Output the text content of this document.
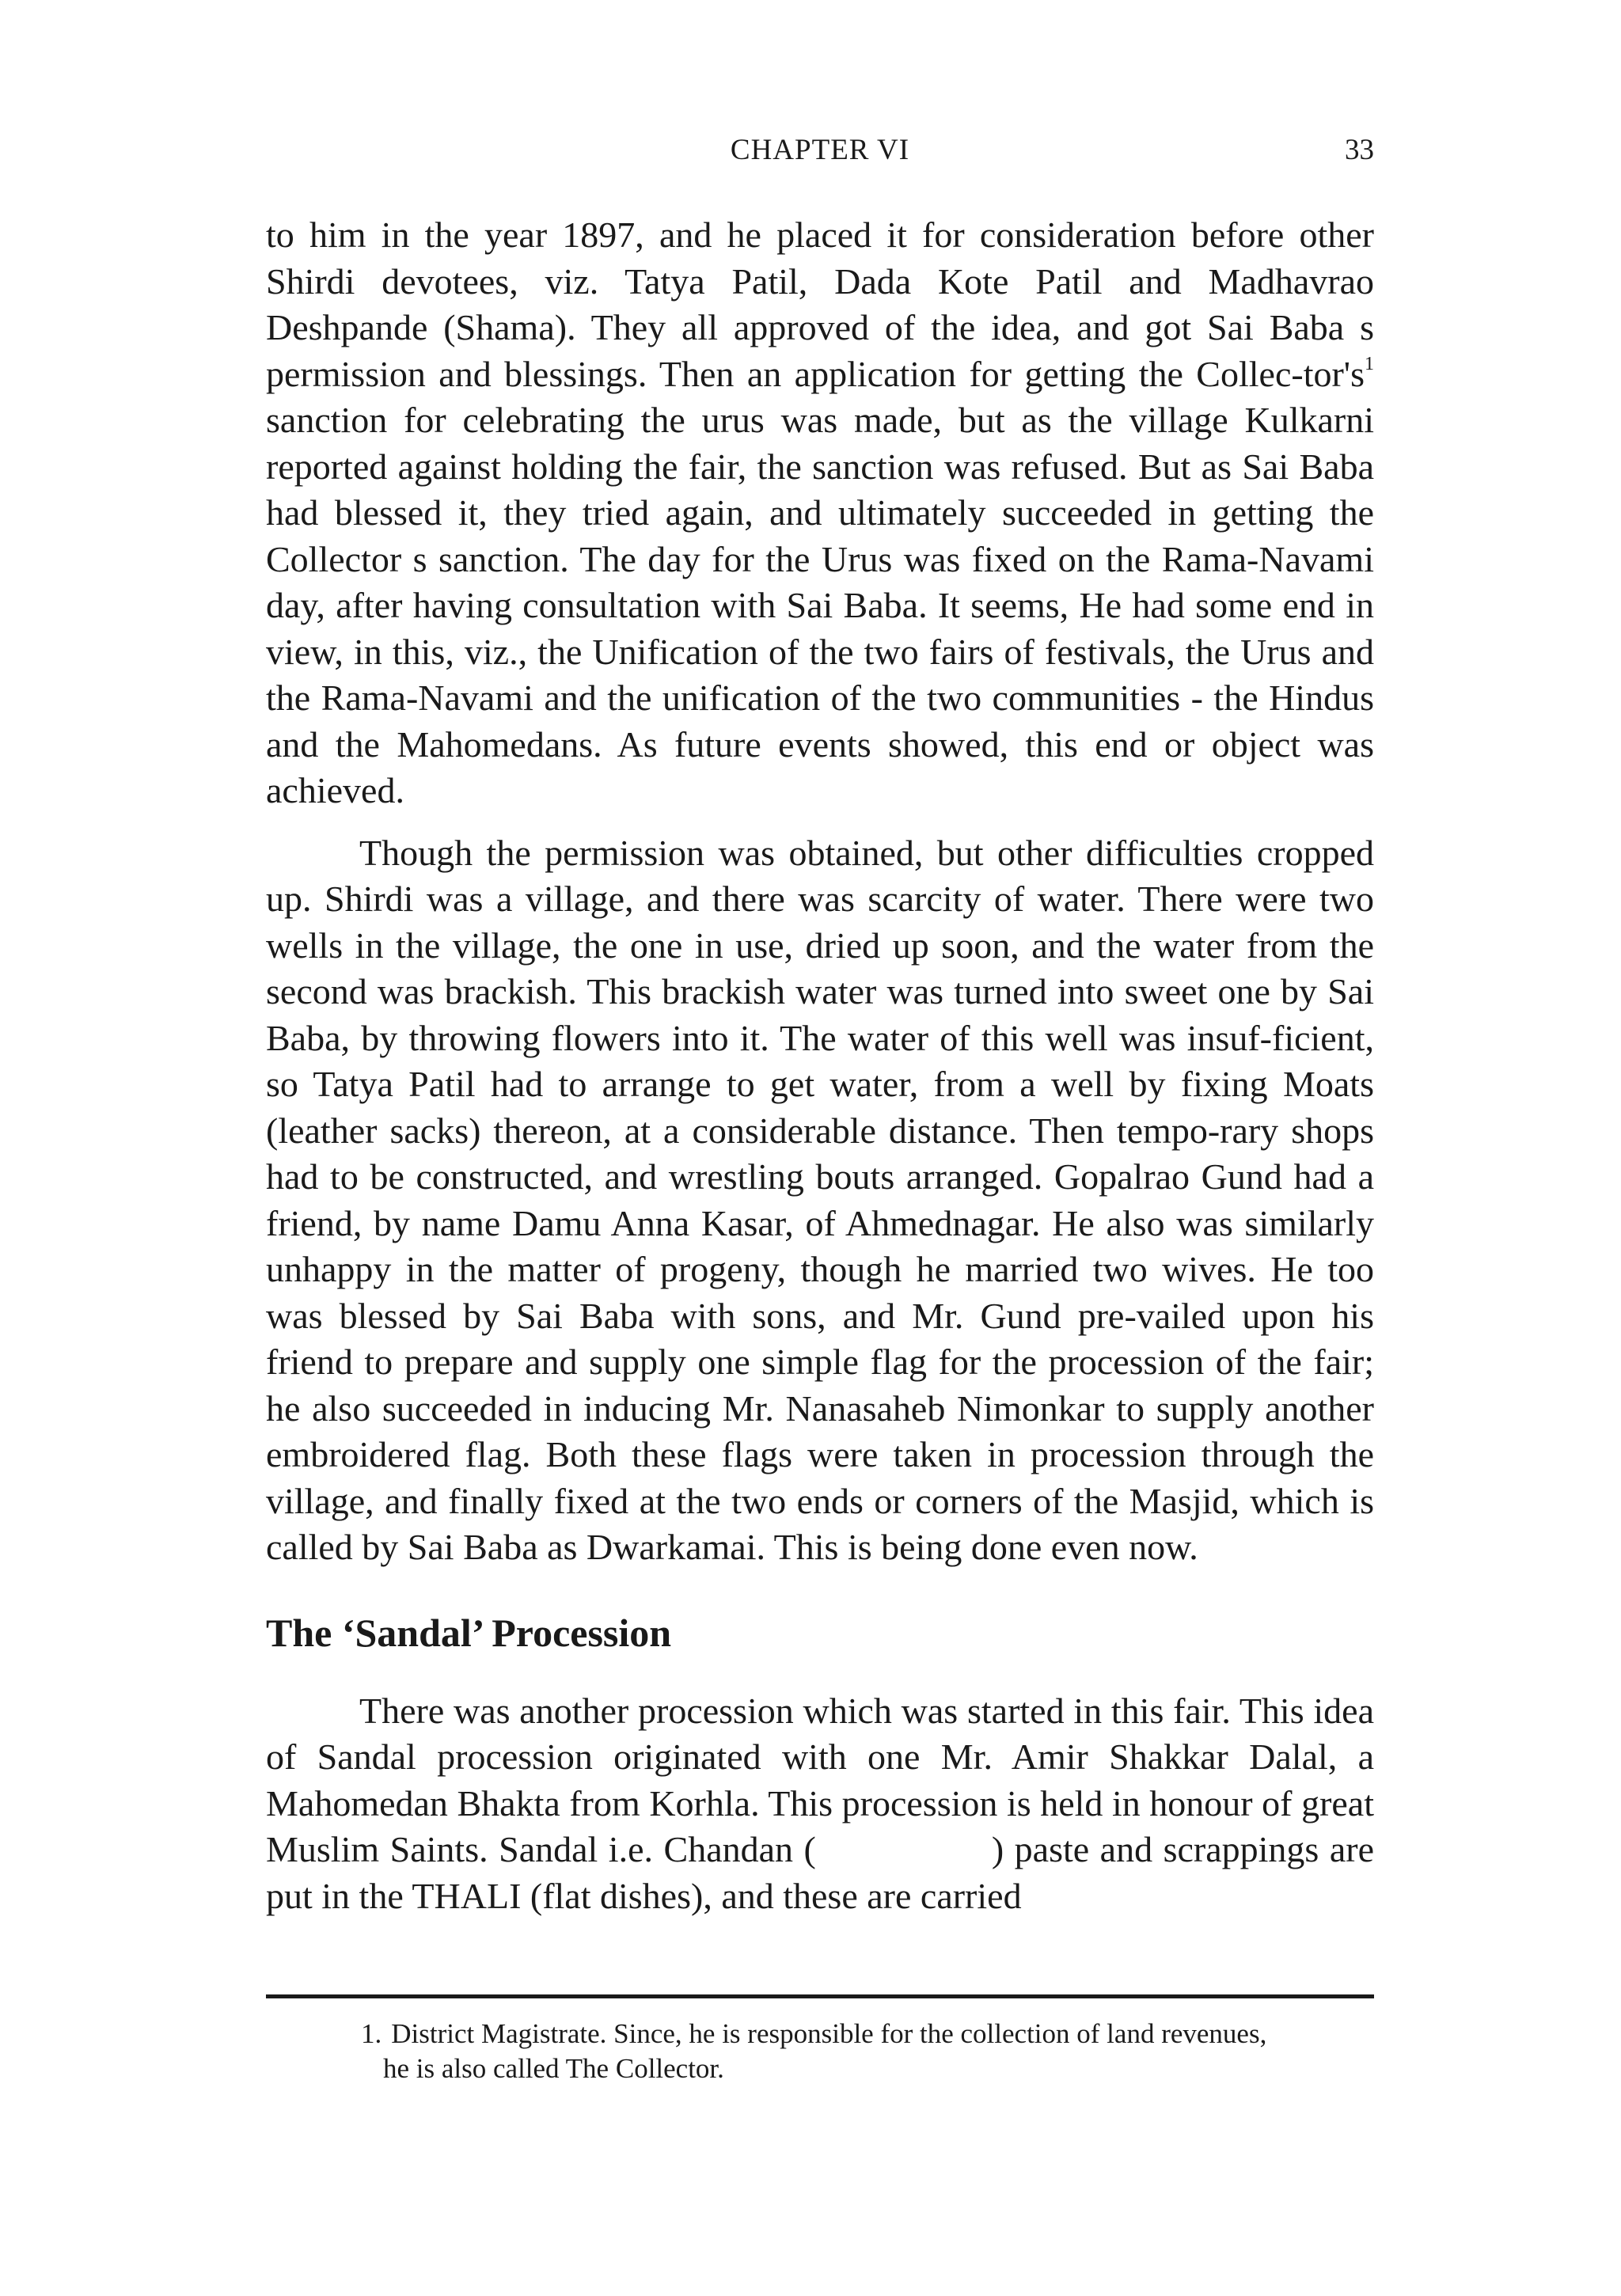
CHAPTER VI	33

to him in the year 1897, and he placed it for consideration before other Shirdi devotees, viz. Tatya Patil, Dada Kote Patil and Madhavrao Deshpande (Shama). They all approved of the idea, and got Sai Baba s permission and blessings. Then an application for getting the Collec-tor's$^1$ sanction for celebrating the urus was made, but as the village Kulkarni reported against holding the fair, the sanction was refused. But as Sai Baba had blessed it, they tried again, and ultimately succeeded in getting the Collector s sanction. The day for the Urus was fixed on the Rama-Navami day, after having consultation with Sai Baba. It seems, He had some end in view, in this, viz., the Unification of the two fairs of festivals, the Urus and the Rama-Navami and the unification of the two communities - the Hindus and the Mahomedans. As future events showed, this end or object was achieved.

Though the permission was obtained, but other difficulties cropped up. Shirdi was a village, and there was scarcity of water. There were two wells in the village, the one in use, dried up soon, and the water from the second was brackish. This brackish water was turned into sweet one by Sai Baba, by throwing flowers into it. The water of this well was insuf-ficient, so Tatya Patil had to arrange to get water, from a well by fixing Moats (leather sacks) thereon, at a considerable distance. Then tempo-rary shops had to be constructed, and wrestling bouts arranged. Gopalrao Gund had a friend, by name Damu Anna Kasar, of Ahmednagar. He also was similarly unhappy in the matter of progeny, though he married two wives. He too was blessed by Sai Baba with sons, and Mr. Gund pre-vailed upon his friend to prepare and supply one simple flag for the procession of the fair; he also succeeded in inducing Mr. Nanasaheb Nimonkar to supply another embroidered flag. Both these flags were taken in procession through the village, and finally fixed at the two ends or corners of the Masjid, which is called by Sai Baba as Dwarkamai. This is being done even now.

The ‘Sandal’ Procession

There was another procession which was started in this fair. This idea of Sandal procession originated with one Mr. Amir Shakkar Dalal, a Mahomedan Bhakta from Korhla. This procession is held in honour of great Muslim Saints. Sandal i.e. Chandan (	) paste and scrappings are put in the THALI (flat dishes), and these are carried

1. District Magistrate. Since, he is responsible for the collection of land revenues,
he is also called The Collector.
